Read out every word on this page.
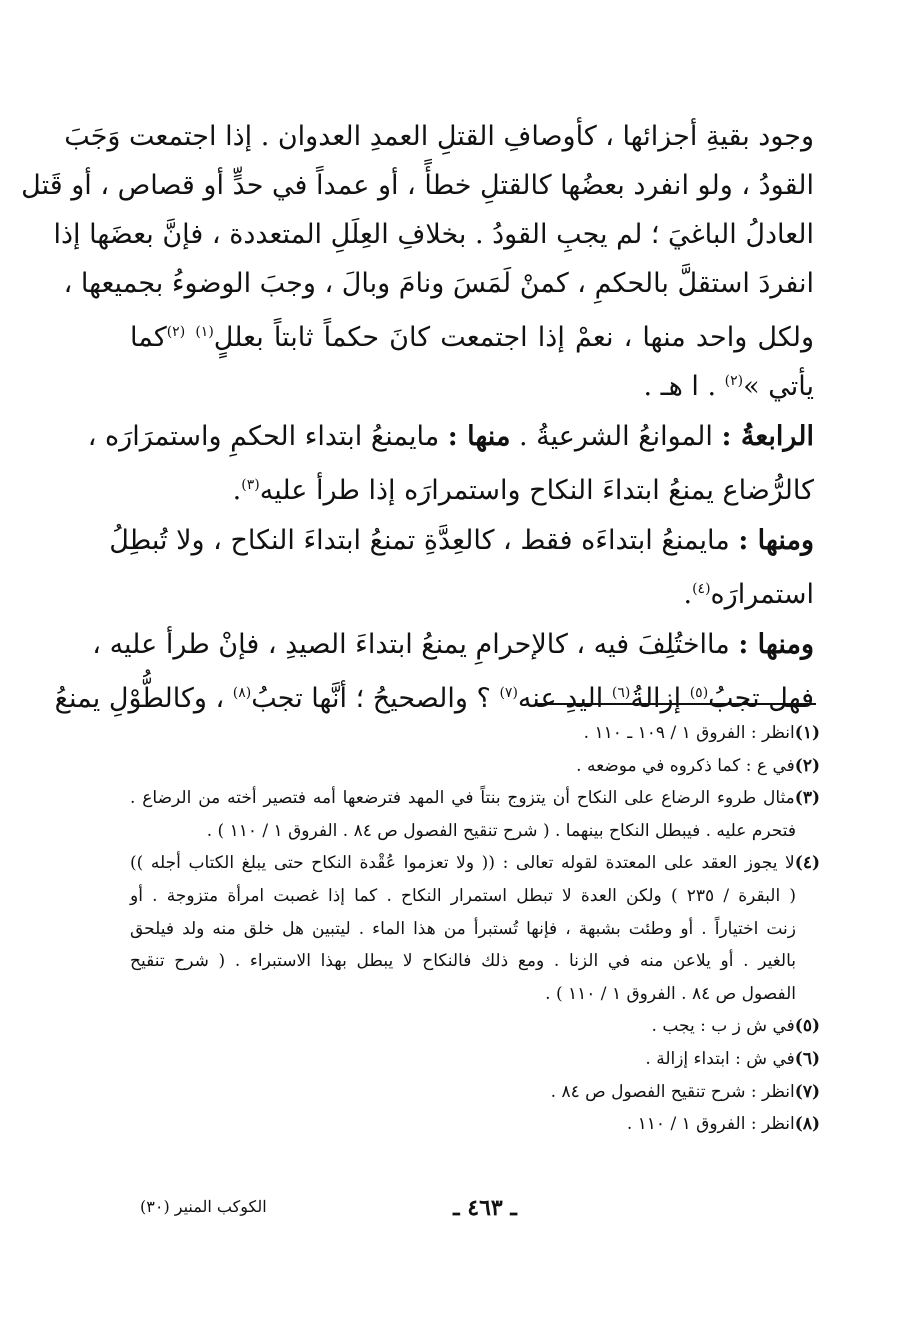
وجود بقيةِ أجزائها ، كأوصافِ القتلِ العمدِ العدوان . إذا اجتمعت وَجَبَ
القودُ ، ولو انفرد بعضُها كالقتلِ خطأً ، أو عمداً في حدٍّ أو قصاص ، أو قَتل
العادلُ الباغيَ ؛ لم يجبِ القودُ . بخلافِ العِلَلِ المتعددة ، فإنَّ بعضَها إذا
انفردَ استقلَّ بالحكمِ ، كمنْ لَمَسَ ونامَ وبالَ ، وجبَ الوضوءُ بجميعها ،
ولكل واحد منها ، نعمْ إذا اجتمعت كانَ حكماً ثابتاً بعللٍ$^{(١)}$ $^{(٢)}$كما
يأتي »$^{(٢)}$ . ا هـ .
الرابعةُ : الموانعُ الشرعيةُ . منها : مايمنعُ ابتداء الحكمِ واستمرَارَه ،
كالرُّضاع يمنعُ ابتداءَ النكاح واستمرارَه إذا طرأ عليه$^{(٣)}$.
ومنها : مايمنعُ ابتداءَه فقط ، كالعِدَّةِ تمنعُ ابتداءَ النكاح ، ولا تُبطِلُ
استمرارَه$^{(٤)}$.
ومنها : مااختُلِفَ فيه ، كالإحرامِ يمنعُ ابتداءَ الصيدِ ، فإنْ طرأ عليه ،
فهل تجبُ$^{(٥)}$ إزالةُ$^{(٦)}$ اليدِ عنه$^{(٧)}$ ؟ والصحيحُ ؛ أنَّها تجبُ$^{(٨)}$ ، وكالطُّوْلِ يمنعُ
(١)انظر : الفروق ١ / ١٠٩ ـ ١١٠ .
(٢)في ع : كما ذكروه في موضعه .
(٣)مثال طروء الرضاع على النكاح أن يتزوج بنتاً في المهد فترضعها أمه فتصير أخته من الرضاع .
فتحرم عليه . فيبطل النكاح بينهما . ( شرح تنقيح الفصول ص ٨٤ . الفروق ١ / ١١٠ ) .
(٤)لا يجوز العقد على المعتدة لقوله تعالى : (( ولا تعزموا عُقْدة النكاح حتى يبلغ الكتاب أجله ))
( البقرة / ٢٣٥ ) ولكن العدة لا تبطل استمرار النكاح . كما إذا غصبت امرأة متزوجة . أو
زنت اختياراً . أو وطئت بشبهة ، فإنها تُستبرأ من هذا الماء . ليتبين هل خلق منه ولد فيلحق
بالغير . أو يلاعن منه في الزنا . ومع ذلك فالنكاح لا يبطل بهذا الاستبراء . ( شرح تنقيح
الفصول ص ٨٤ . الفروق ١ / ١١٠ ) .
(٥)في ش ز ب : يجب .
(٦)في ش : ابتداء إزالة .
(٧)انظر : شرح تنقيح الفصول ص ٨٤ .
(٨)انظر : الفروق ١ / ١١٠ .
ـ ٤٦٣ ـ
الكوكب المنير (٣٠)
